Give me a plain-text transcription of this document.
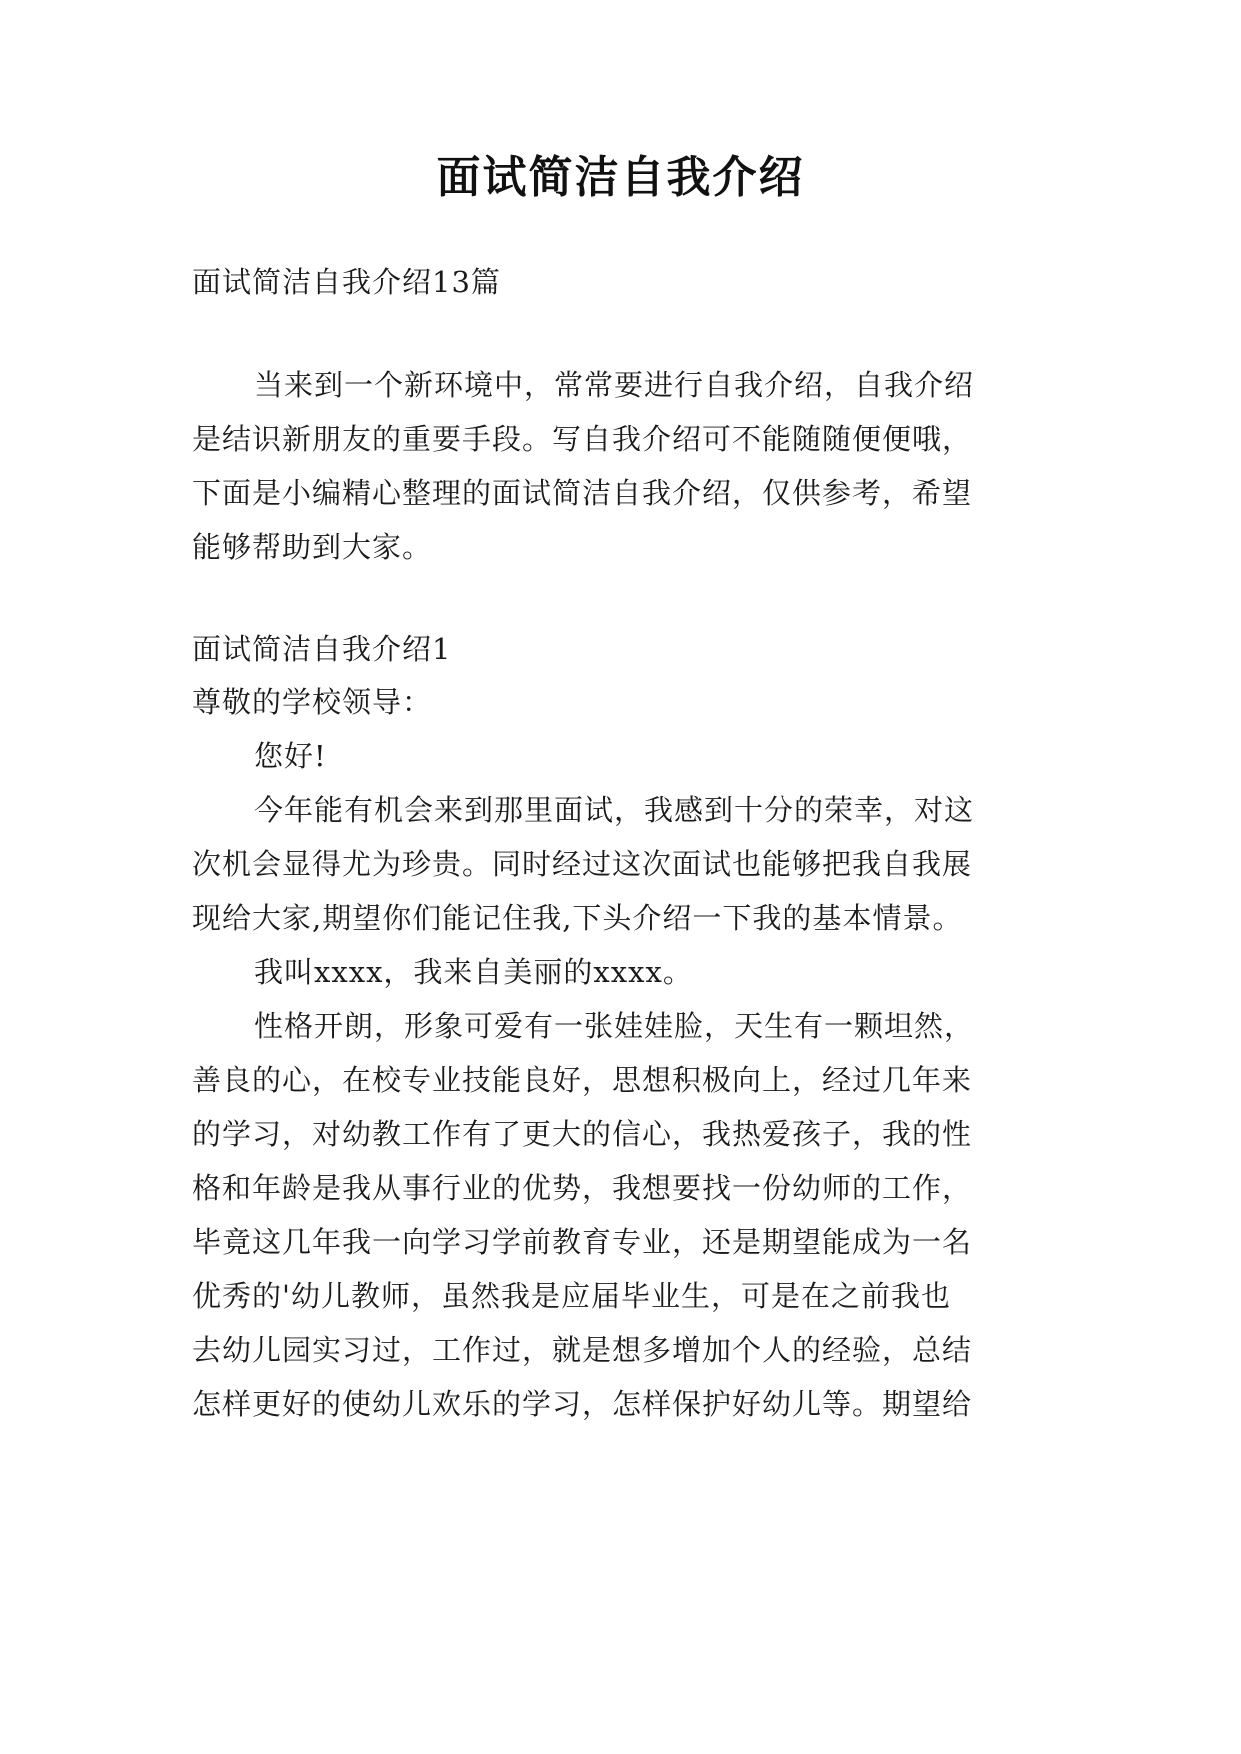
面试简洁自我介绍
面试简洁自我介绍13篇
当来到一个新环境中，常常要进行自我介绍，自我介绍
是结识新朋友的重要手段。写自我介绍可不能随随便便哦，
下面是小编精心整理的面试简洁自我介绍，仅供参考，希望
能够帮助到大家。
面试简洁自我介绍1
尊敬的学校领导：
您好!
今年能有机会来到那里面试，我感到十分的荣幸，对这
次机会显得尤为珍贵。同时经过这次面试也能够把我自我展
现给大家,期望你们能记住我,下头介绍一下我的基本情景。
我叫xxxx，我来自美丽的xxxx。
性格开朗，形象可爱有一张娃娃脸，天生有一颗坦然，
善良的心，在校专业技能良好，思想积极向上，经过几年来
的学习，对幼教工作有了更大的信心，我热爱孩子，我的性
格和年龄是我从事行业的优势，我想要找一份幼师的工作，
毕竟这几年我一向学习学前教育专业，还是期望能成为一名
优秀的'幼儿教师，虽然我是应届毕业生，可是在之前我也
去幼儿园实习过，工作过，就是想多增加个人的经验，总结
怎样更好的使幼儿欢乐的学习，怎样保护好幼儿等。期望给
